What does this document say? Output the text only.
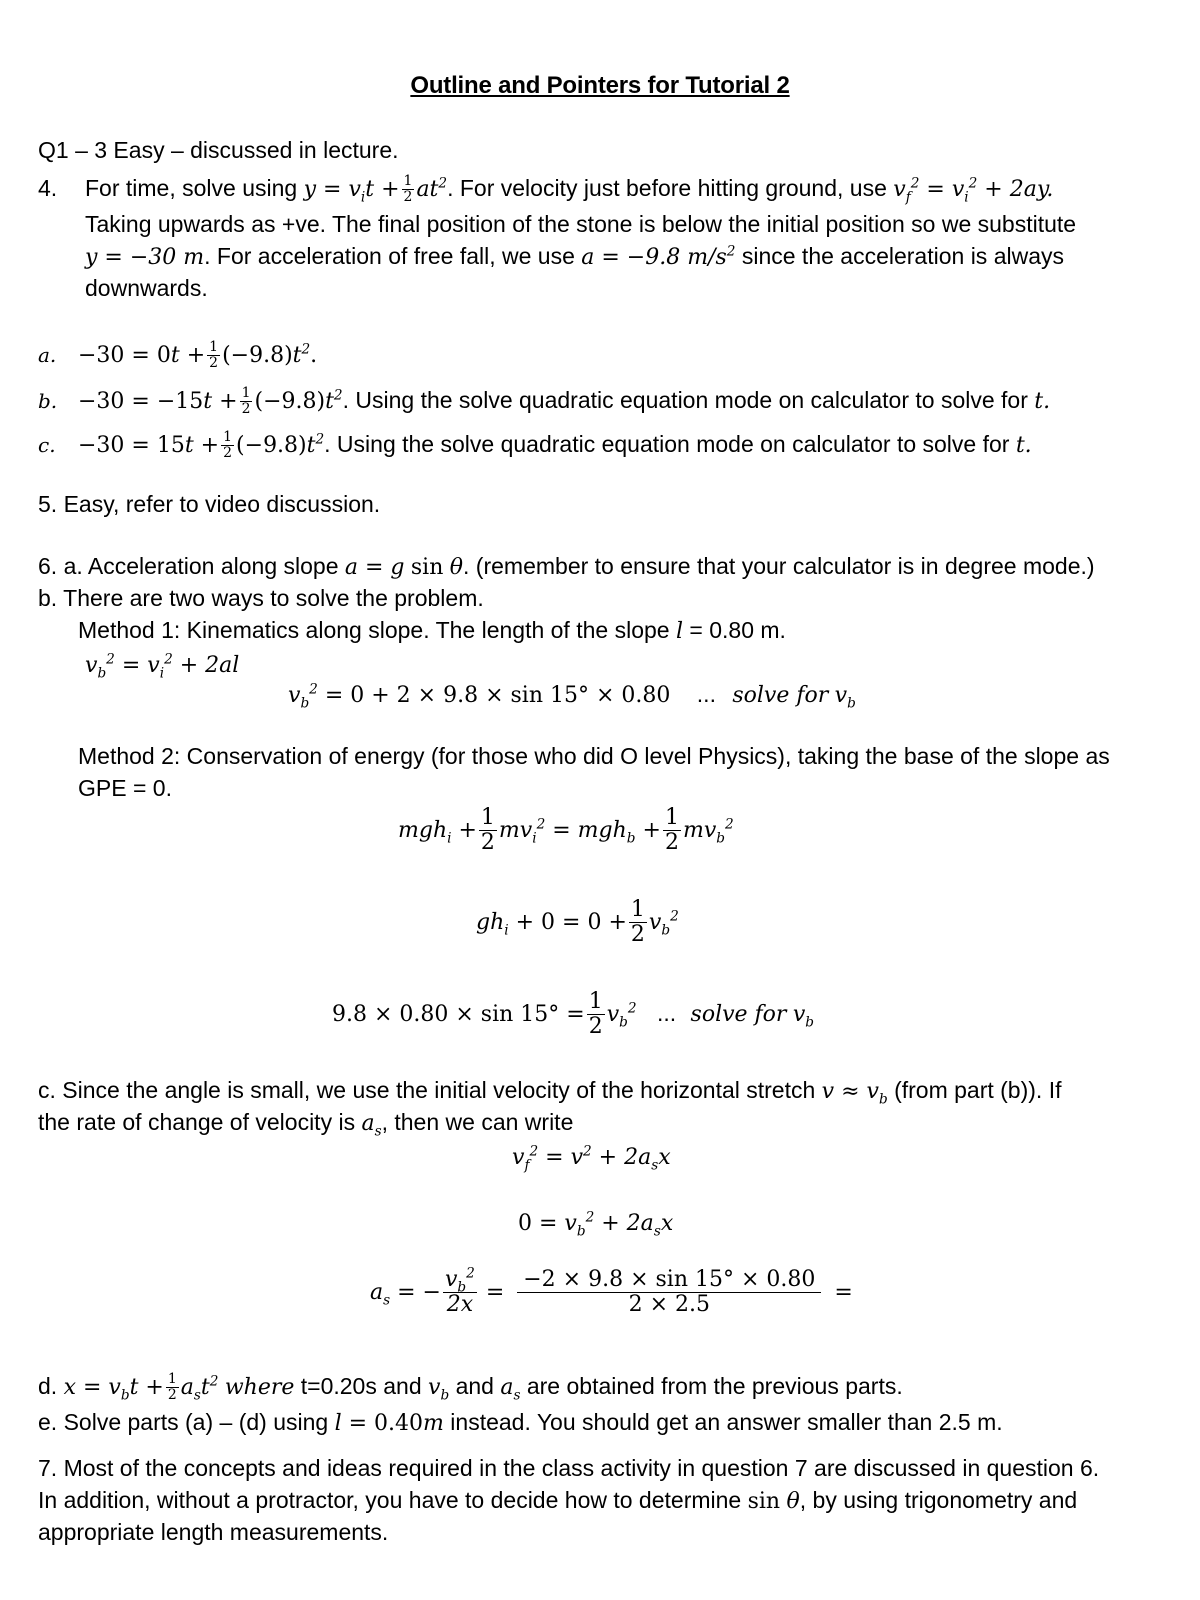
Outline and Pointers for Tutorial 2
Q1 – 3 Easy – discussed in lecture.
4. For time, solve using $y = v_it + \frac{1}{2} at^2$. For velocity just before hitting ground, use $v_f^2 = v_i^2 + 2ay$.
Taking upwards as +ve. The final position of the stone is below the initial position so we substitute
y = −30 m. For acceleration of free fall, we use a = −9.8 $m/s^2$ since the acceleration is always
downwards.
a. $-30 = 0t + \frac{1}{2} (-9.8)t^2$.
b. $-30 = -15t + \frac{1}{2} (-9.8)t^2$. Using the solve quadratic equation mode on calculator to solve for t.
c. $-30 = 15t + \frac{1}{2} (-9.8)t^2$. Using the solve quadratic equation mode on calculator to solve for t.
5. Easy, refer to video discussion.
6. a. Acceleration along slope a = g sin θ. (remember to ensure that your calculator is in degree mode.)
b. There are two ways to solve the problem.
Method 1: Kinematics along slope. The length of the slope l = 0.80 m.
$v_b^2 = v_i^2 + 2al$
$v_b^2 = 0 + 2 \times 9.8 \times \sin 15^\circ \times 0.80$ ... solve for $v_b$
Method 2: Conservation of energy (for those who did O level Physics), taking the base of the slope as
GPE = 0.
$mgh_i + \frac{1}{2} mv_i^2 = mgh_b + \frac{1}{2} mv_b^2$
$gh_i + 0 = 0 + \frac{1}{2} v_b^2$
$9.8 \times 0.80 \times \sin 15^\circ = \frac{1}{2} v_b^2$ ... solve for $v_b$
c. Since the angle is small, we use the initial velocity of the horizontal stretch $v \approx v_b$ (from part (b)). If
the rate of change of velocity is $a_s$, then we can write
$v_f^2 = v^2 + 2a_sx$
$0 = v_b^2 + 2a_sx$
$a_s$ = − $\frac{v_b^2}{2x} = \frac{-2 \times 9.8 \times \sin 15^\circ \times 0.80}{2 \times 2.5}$ =
d. $x = v_bt + \frac{1}{2} a_st^2$ where t=0.20s and $v_b$ and $a_s$ are obtained from the previous parts.
e. Solve parts (a) – (d) using l = 0.40m instead. You should get an answer smaller than 2.5 m.
7. Most of the concepts and ideas required in the class activity in question 7 are discussed in question 6.
In addition, without a protractor, you have to decide how to determine sin θ, by using trigonometry and
appropriate length measurements.
